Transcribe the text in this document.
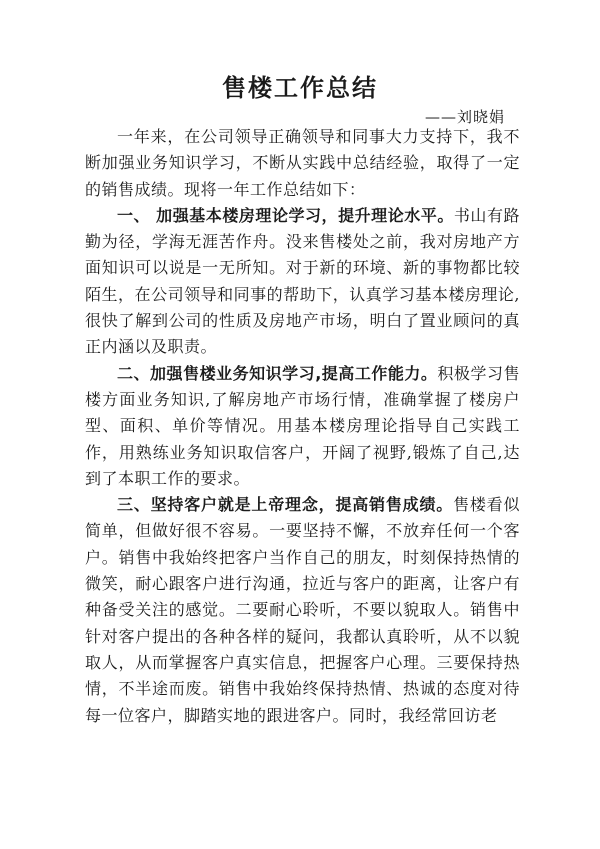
售楼工作总结
——刘晓娟

一年来，在公司领导正确领导和同事大力支持下，我不断加强业务知识学习，不断从实践中总结经验，取得了一定的销售成绩。现将一年工作总结如下：

一、 加强基本楼房理论学习，提升理论水平。书山有路勤为径，学海无涯苦作舟。没来售楼处之前，我对房地产方面知识可以说是一无所知。对于新的环境、新的事物都比较陌生，在公司领导和同事的帮助下，认真学习基本楼房理论,很快了解到公司的性质及房地产市场，明白了置业顾问的真正内涵以及职责。

二、加强售楼业务知识学习,提高工作能力。积极学习售楼方面业务知识,了解房地产市场行情，准确掌握了楼房户型、面积、单价等情况。用基本楼房理论指导自己实践工作，用熟练业务知识取信客户，开阔了视野,锻炼了自己,达到了本职工作的要求。

三、坚持客户就是上帝理念，提高销售成绩。售楼看似简单，但做好很不容易。一要坚持不懈，不放弃任何一个客户。销售中我始终把客户当作自己的朋友，时刻保持热情的微笑，耐心跟客户进行沟通，拉近与客户的距离，让客户有种备受关注的感觉。二要耐心聆听，不要以貌取人。销售中针对客户提出的各种各样的疑问，我都认真聆听，从不以貌取人，从而掌握客户真实信息，把握客户心理。三要保持热情，不半途而废。销售中我始终保持热情、热诚的态度对待每一位客户，脚踏实地的跟进客户。同时，我经常回访老
